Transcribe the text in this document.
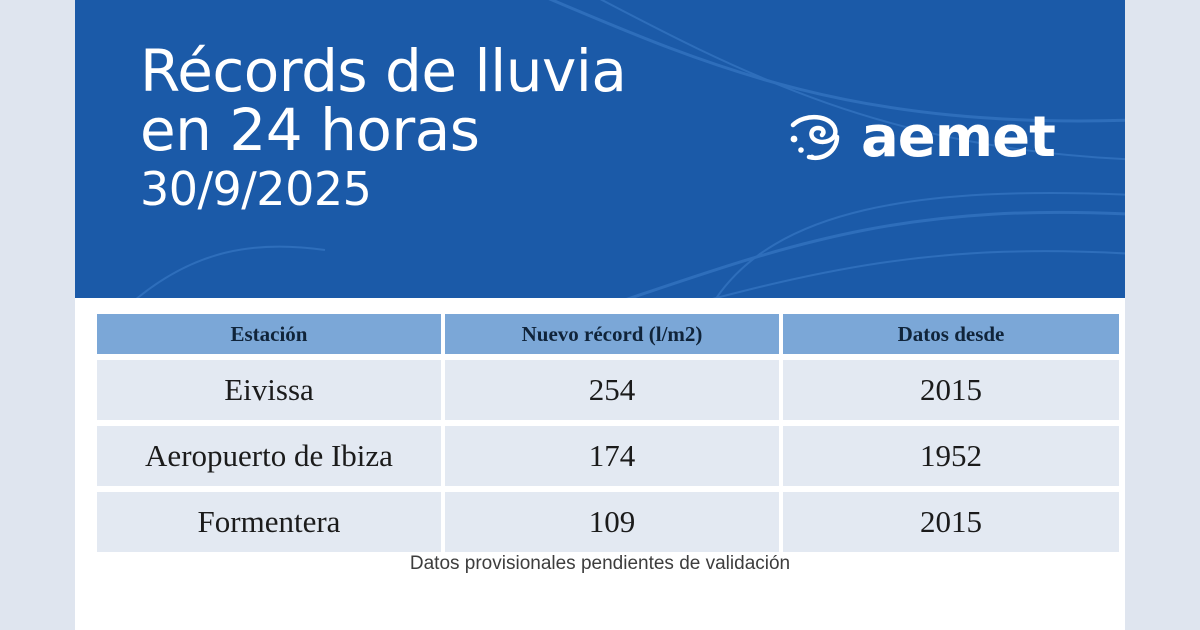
Récords de lluvia
en 24 horas
30/9/2025
aemet
Estación	Nuevo récord (l/m2)	Datos desde
Eivissa	254	2015
Aeropuerto de Ibiza	174	1952
Formentera	109	2015
Datos provisionales pendientes de validación
